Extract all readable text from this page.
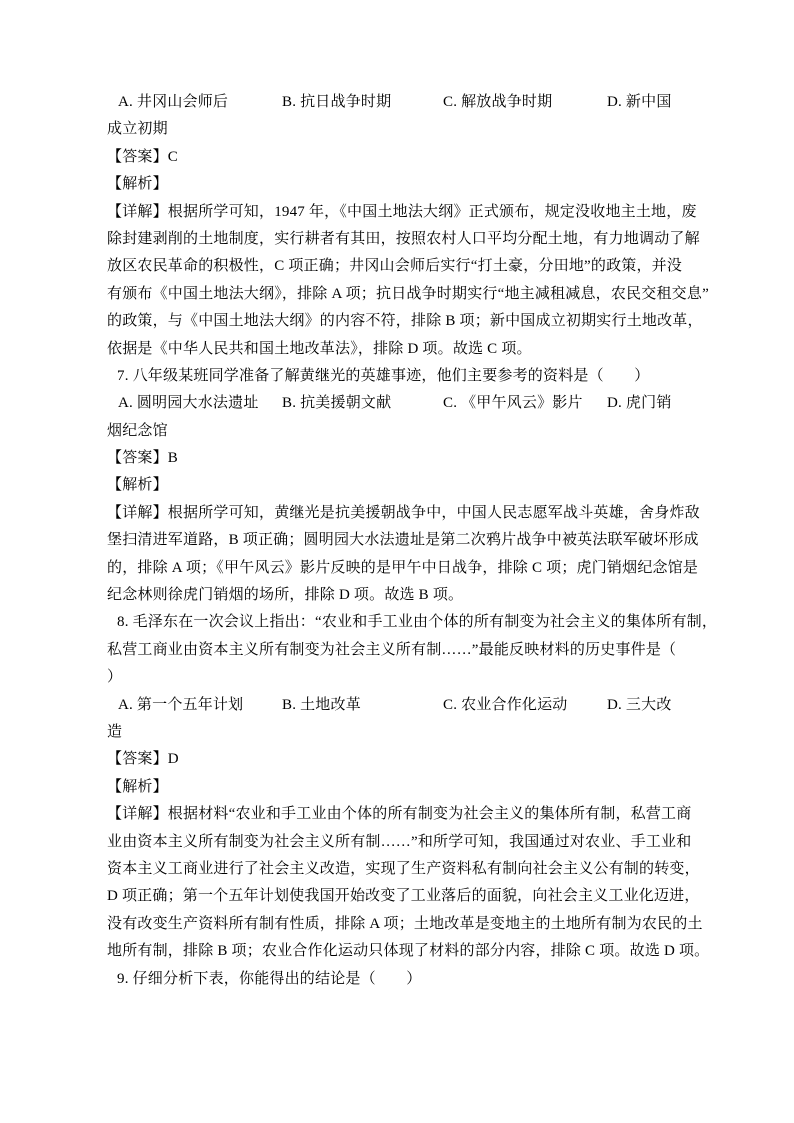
A. 井冈山会师后	B. 抗日战争时期	C. 解放战争时期	D. 新中国
成立初期
【答案】C
【解析】
【详解】根据所学可知，1947 年，《中国土地法大纲》正式颁布，规定没收地主土地，废
除封建剥削的土地制度，实行耕者有其田，按照农村人口平均分配土地，有力地调动了解
放区农民革命的积极性，C 项正确；井冈山会师后实行“打土豪，分田地”的政策，并没
有颁布《中国土地法大纲》，排除 A 项；抗日战争时期实行“地主减租减息，农民交租交息”
的政策，与《中国土地法大纲》的内容不符，排除 B 项；新中国成立初期实行土地改革，
依据是《中华人民共和国土地改革法》，排除 D 项。故选 C 项。
7. 八年级某班同学准备了解黄继光的英雄事迹，他们主要参考的资料是（　　）
A. 圆明园大水法遗址 B. 抗美援朝文献	C. 《甲午风云》影片 D. 虎门销
烟纪念馆
【答案】B
【解析】
【详解】根据所学可知，黄继光是抗美援朝战争中，中国人民志愿军战斗英雄，舍身炸敌
堡扫清进军道路，B 项正确；圆明园大水法遗址是第二次鸦片战争中被英法联军破坏形成
的，排除 A 项；《甲午风云》影片反映的是甲午中日战争，排除 C 项；虎门销烟纪念馆是
纪念林则徐虎门销烟的场所，排除 D 项。故选 B 项。
8. 毛泽东在一次会议上指出：“农业和手工业由个体的所有制变为社会主义的集体所有制，
私营工商业由资本主义所有制变为社会主义所有制……”最能反映材料的历史事件是（
）
A. 第一个五年计划	B. 土地改革	C. 农业合作化运动	D. 三大改
造
【答案】D
【解析】
【详解】根据材料“农业和手工业由个体的所有制变为社会主义的集体所有制，私营工商
业由资本主义所有制变为社会主义所有制……”和所学可知，我国通过对农业、手工业和
资本主义工商业进行了社会主义改造，实现了生产资料私有制向社会主义公有制的转变，
D 项正确；第一个五年计划使我国开始改变了工业落后的面貌，向社会主义工业化迈进，
没有改变生产资料所有制有性质，排除 A 项；土地改革是变地主的土地所有制为农民的土
地所有制，排除 B 项；农业合作化运动只体现了材料的部分内容，排除 C 项。故选 D 项。
9. 仔细分析下表，你能得出的结论是（　　）
